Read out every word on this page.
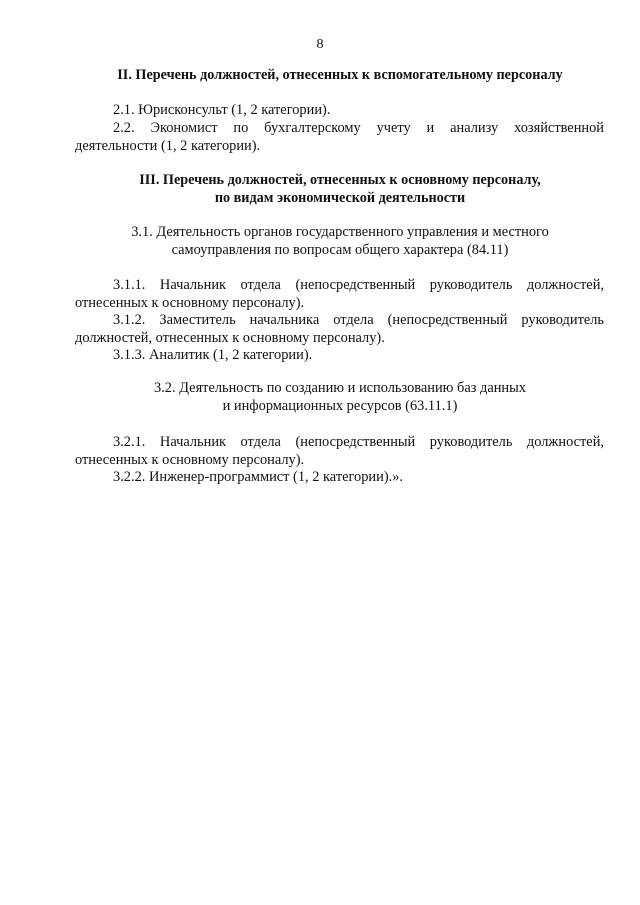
8
II. Перечень должностей, отнесенных к вспомогательному персоналу
2.1. Юрисконсульт (1, 2 категории).
2.2. Экономист по бухгалтерскому учету и анализу хозяйственной
деятельности (1, 2 категории).
III. Перечень должностей, отнесенных к основному персоналу,
по видам экономической деятельности
3.1. Деятельность органов государственного управления и местного
самоуправления по вопросам общего характера (84.11)
3.1.1. Начальник отдела (непосредственный руководитель должностей,
отнесенных к основному персоналу).
3.1.2. Заместитель начальника отдела (непосредственный руководитель
должностей, отнесенных к основному персоналу).
3.1.3. Аналитик (1, 2 категории).
3.2. Деятельность по созданию и использованию баз данных
и информационных ресурсов (63.11.1)
3.2.1. Начальник отдела (непосредственный руководитель должностей,
отнесенных к основному персоналу).
3.2.2. Инженер-программист (1, 2 категории).».
